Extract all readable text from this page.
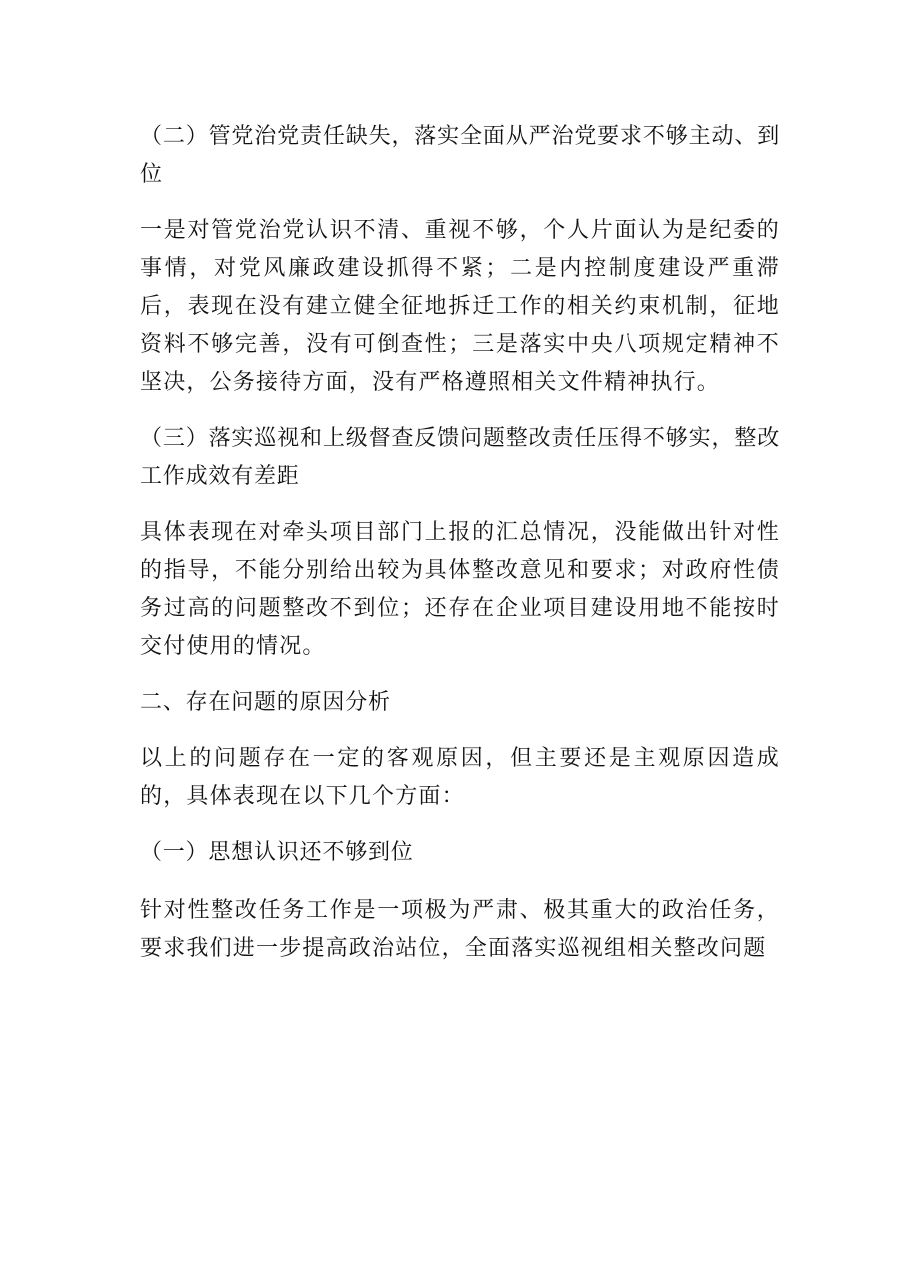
（二）管党治党责任缺失，落实全面从严治党要求不够主动、到位

一是对管党治党认识不清、重视不够，个人片面认为是纪委的事情，对党风廉政建设抓得不紧；二是内控制度建设严重滞后，表现在没有建立健全征地拆迁工作的相关约束机制，征地资料不够完善，没有可倒查性；三是落实中央八项规定精神不坚决，公务接待方面，没有严格遵照相关文件精神执行。

（三）落实巡视和上级督查反馈问题整改责任压得不够实，整改工作成效有差距

具体表现在对牵头项目部门上报的汇总情况，没能做出针对性的指导，不能分别给出较为具体整改意见和要求；对政府性债务过高的问题整改不到位；还存在企业项目建设用地不能按时交付使用的情况。

二、存在问题的原因分析

以上的问题存在一定的客观原因，但主要还是主观原因造成的，具体表现在以下几个方面：

（一）思想认识还不够到位

针对性整改任务工作是一项极为严肃、极其重大的政治任务，要求我们进一步提高政治站位，全面落实巡视组相关整改问题
